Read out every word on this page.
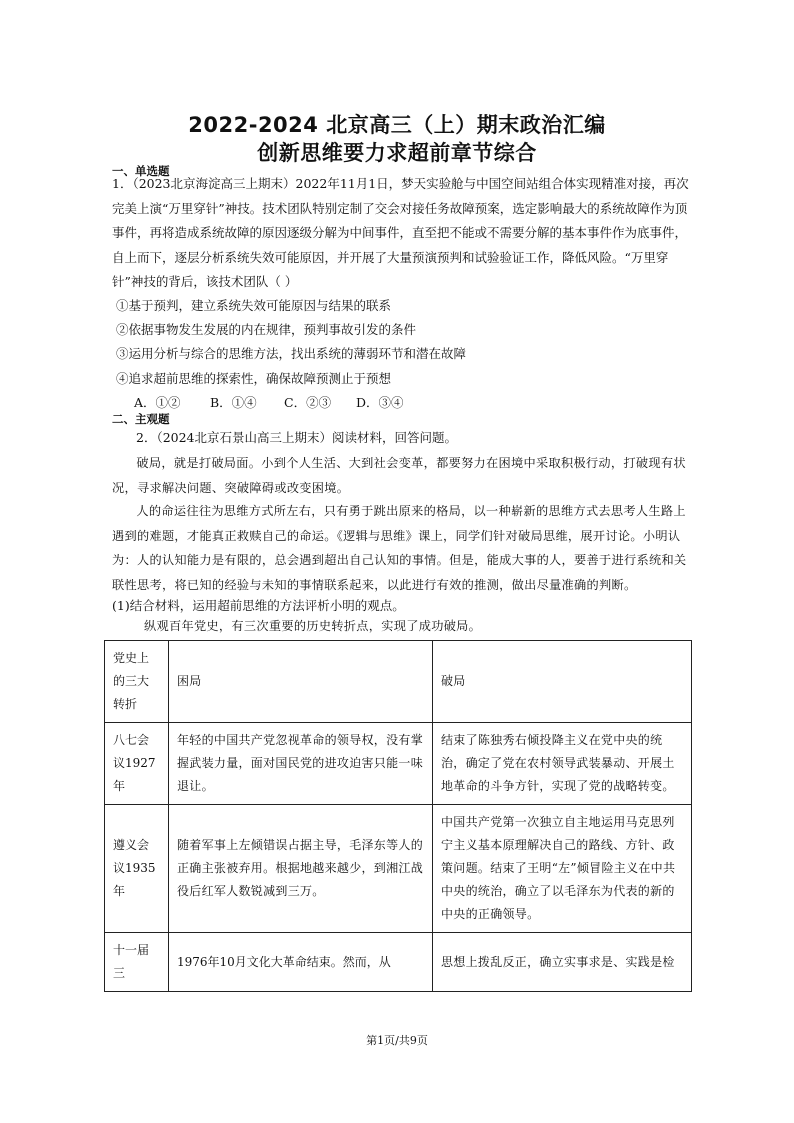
2022-2024 北京高三（上）期末政治汇编
创新思维要力求超前章节综合
一、单选题
1．（2023北京海淀高三上期末）2022年11月1日，梦天实验舱与中国空间站组合体实现精准对接，再次完美上演“万里穿针”神技。技术团队特别定制了交会对接任务故障预案，选定影响最大的系统故障作为顶事件，再将造成系统故障的原因逐级分解为中间事件，直至把不能或不需要分解的基本事件作为底事件，自上而下，逐层分析系统失效可能原因，并开展了大量预演预判和试验验证工作，降低风险。“万里穿针”神技的背后，该技术团队（ ）
①基于预判，建立系统失效可能原因与结果的联系
②依据事物发生发展的内在规律，预判事故引发的条件
③运用分析与综合的思维方法，找出系统的薄弱环节和潜在故障
④追求超前思维的探索性，确保故障预测止于预想
A．①② B．①④ C．②③ D．③④
二、主观题
2．（2024北京石景山高三上期末）阅读材料，回答问题。
破局，就是打破局面。小到个人生活、大到社会变革，都要努力在困境中采取积极行动，打破现有状况，寻求解决问题、突破障碍或改变困境。
人的命运往往为思维方式所左右，只有勇于跳出原来的格局，以一种崭新的思维方式去思考人生路上遇到的难题，才能真正救赎自己的命运。《逻辑与思维》课上，同学们针对破局思维，展开讨论。小明认为：人的认知能力是有限的，总会遇到超出自己认知的事情。但是，能成大事的人，要善于进行系统和关联性思考，将已知的经验与未知的事情联系起来，以此进行有效的推测，做出尽量准确的判断。
(1)结合材料，运用超前思维的方法评析小明的观点。
纵观百年党史，有三次重要的历史转折点，实现了成功破局。
党史上的三大转折	困局	破局
八七会议1927年	年轻的中国共产党忽视革命的领导权，没有掌握武装力量，面对国民党的进攻迫害只能一味退让。	结束了陈独秀右倾投降主义在党中央的统治，确定了党在农村领导武装暴动、开展土地革命的斗争方针，实现了党的战略转变。
遵义会议1935年	随着军事上左倾错误占据主导，毛泽东等人的正确主张被弃用。根据地越来越少，到湘江战役后红军人数锐减到三万。	中国共产党第一次独立自主地运用马克思列宁主义基本原理解决自己的路线、方针、政策问题。结束了王明“左”倾冒险主义在中共中央的统治，确立了以毛泽东为代表的新的中央的正确领导。
十一届三	1976年10月文化大革命结束。然而，从	思想上拨乱反正，确立实事求是、实践是检
第1页/共9页
